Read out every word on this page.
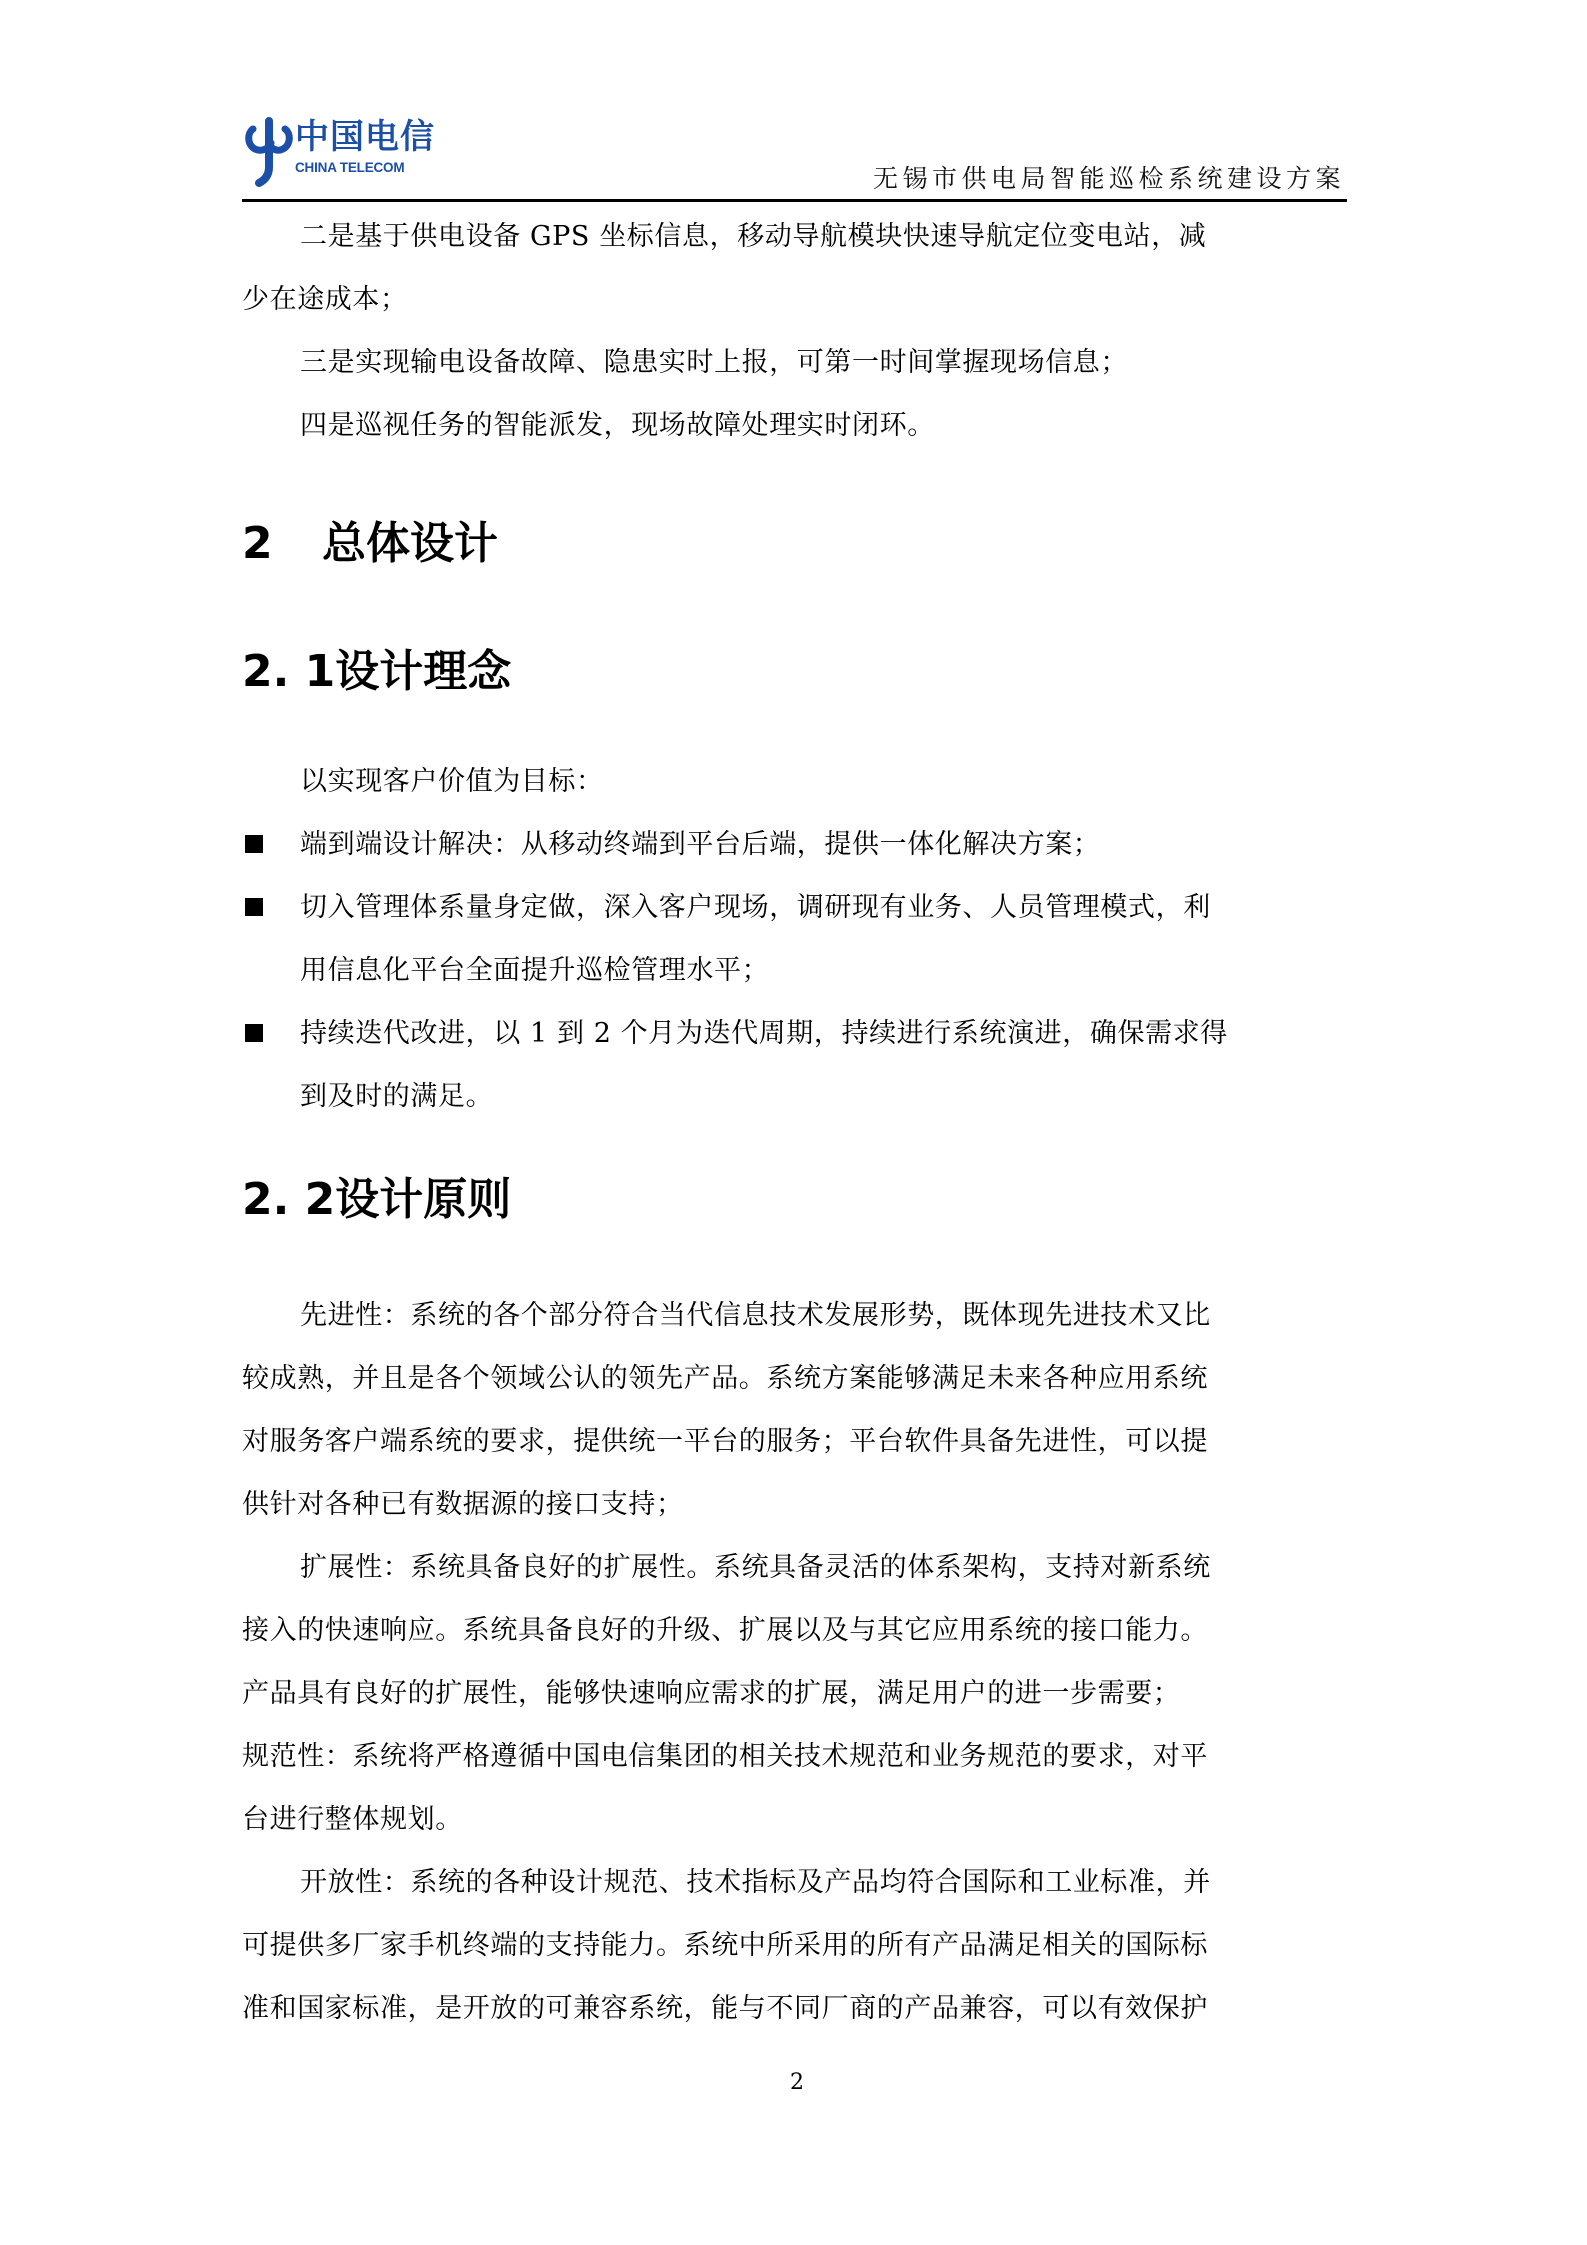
中国电信
CHINA TELECOM	无锡市供电局智能巡检系统建设方案

二是基于供电设备 GPS 坐标信息，移动导航模块快速导航定位变电站，减

少在途成本；

三是实现输电设备故障、隐患实时上报，可第一时间掌握现场信息；

四是巡视任务的智能派发，现场故障处理实时闭环。

2 总体设计
2. 1设计理念

以实现客户价值为目标：

端到端设计解决：从移动终端到平台后端，提供一体化解决方案；

切入管理体系量身定做，深入客户现场，调研现有业务、人员管理模式，利

用信息化平台全面提升巡检管理水平；

持续迭代改进，以 1 到 2 个月为迭代周期，持续进行系统演进，确保需求得

到及时的满足。

2. 2设计原则

先进性：系统的各个部分符合当代信息技术发展形势，既体现先进技术又比

较成熟，并且是各个领域公认的领先产品。系统方案能够满足未来各种应用系统

对服务客户端系统的要求，提供统一平台的服务；平台软件具备先进性，可以提

供针对各种已有数据源的接口支持；

扩展性：系统具备良好的扩展性。系统具备灵活的体系架构，支持对新系统

接入的快速响应。系统具备良好的升级、扩展以及与其它应用系统的接口能力。

产品具有良好的扩展性，能够快速响应需求的扩展，满足用户的进一步需要；

规范性：系统将严格遵循中国电信集团的相关技术规范和业务规范的要求，对平

台进行整体规划。

开放性：系统的各种设计规范、技术指标及产品均符合国际和工业标准，并

可提供多厂家手机终端的支持能力。系统中所采用的所有产品满足相关的国际标

准和国家标准，是开放的可兼容系统，能与不同厂商的产品兼容，可以有效保护

2
